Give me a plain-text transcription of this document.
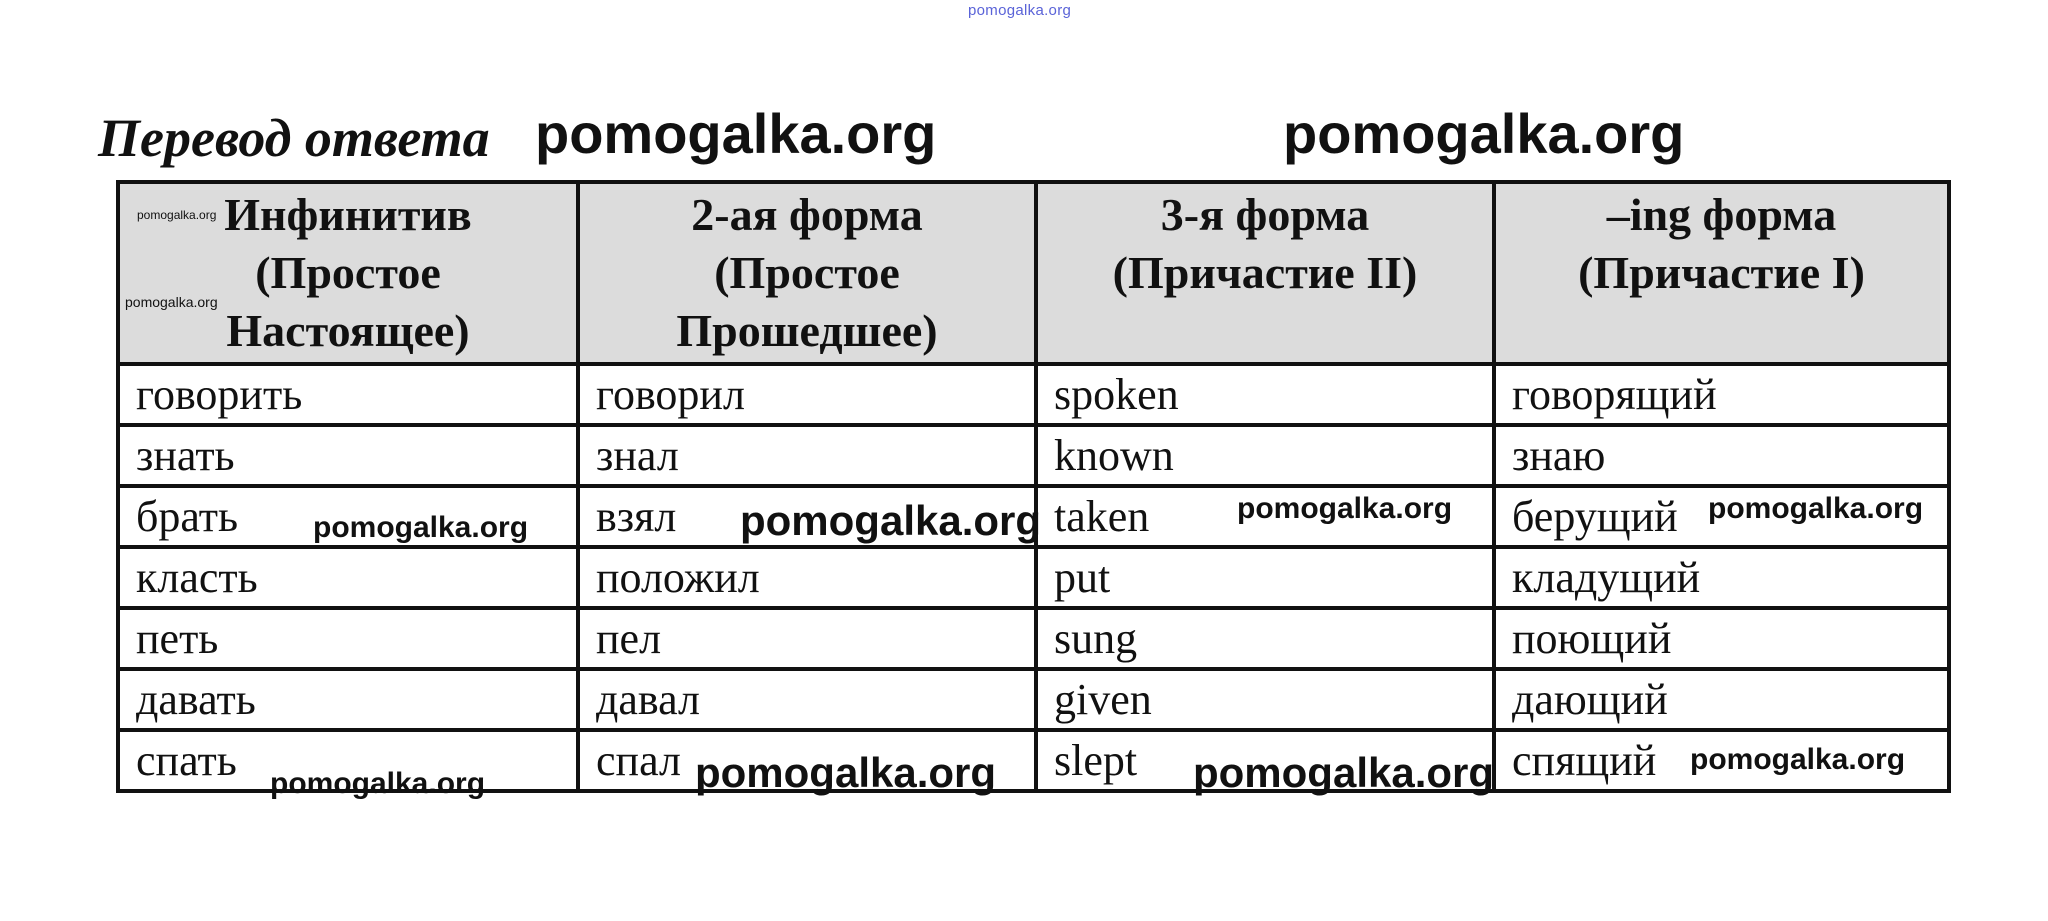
pomogalka.org
Перевод ответа pomogalka.org	pomogalka.org
Инфинитив (Простое Настоящее)	2-ая форма (Простое Прошедшее)	3-я форма (Причастие II)	–ing форма (Причастие I)
говорить	говорил	spoken	говорящий
знать	знал	known	знаю
брать	взял	taken	берущий
класть	положил	put	кладущий
петь	пел	sung	поющий
давать	давал	given	дающий
спать	спал	slept	спящий
pomogalka.org
pomogalka.org
pomogalka.org	pomogalka.org	pomogalka.org	pomogalka.org
pomogalka.org	pomogalka.org	pomogalka.org	pomogalka.org
